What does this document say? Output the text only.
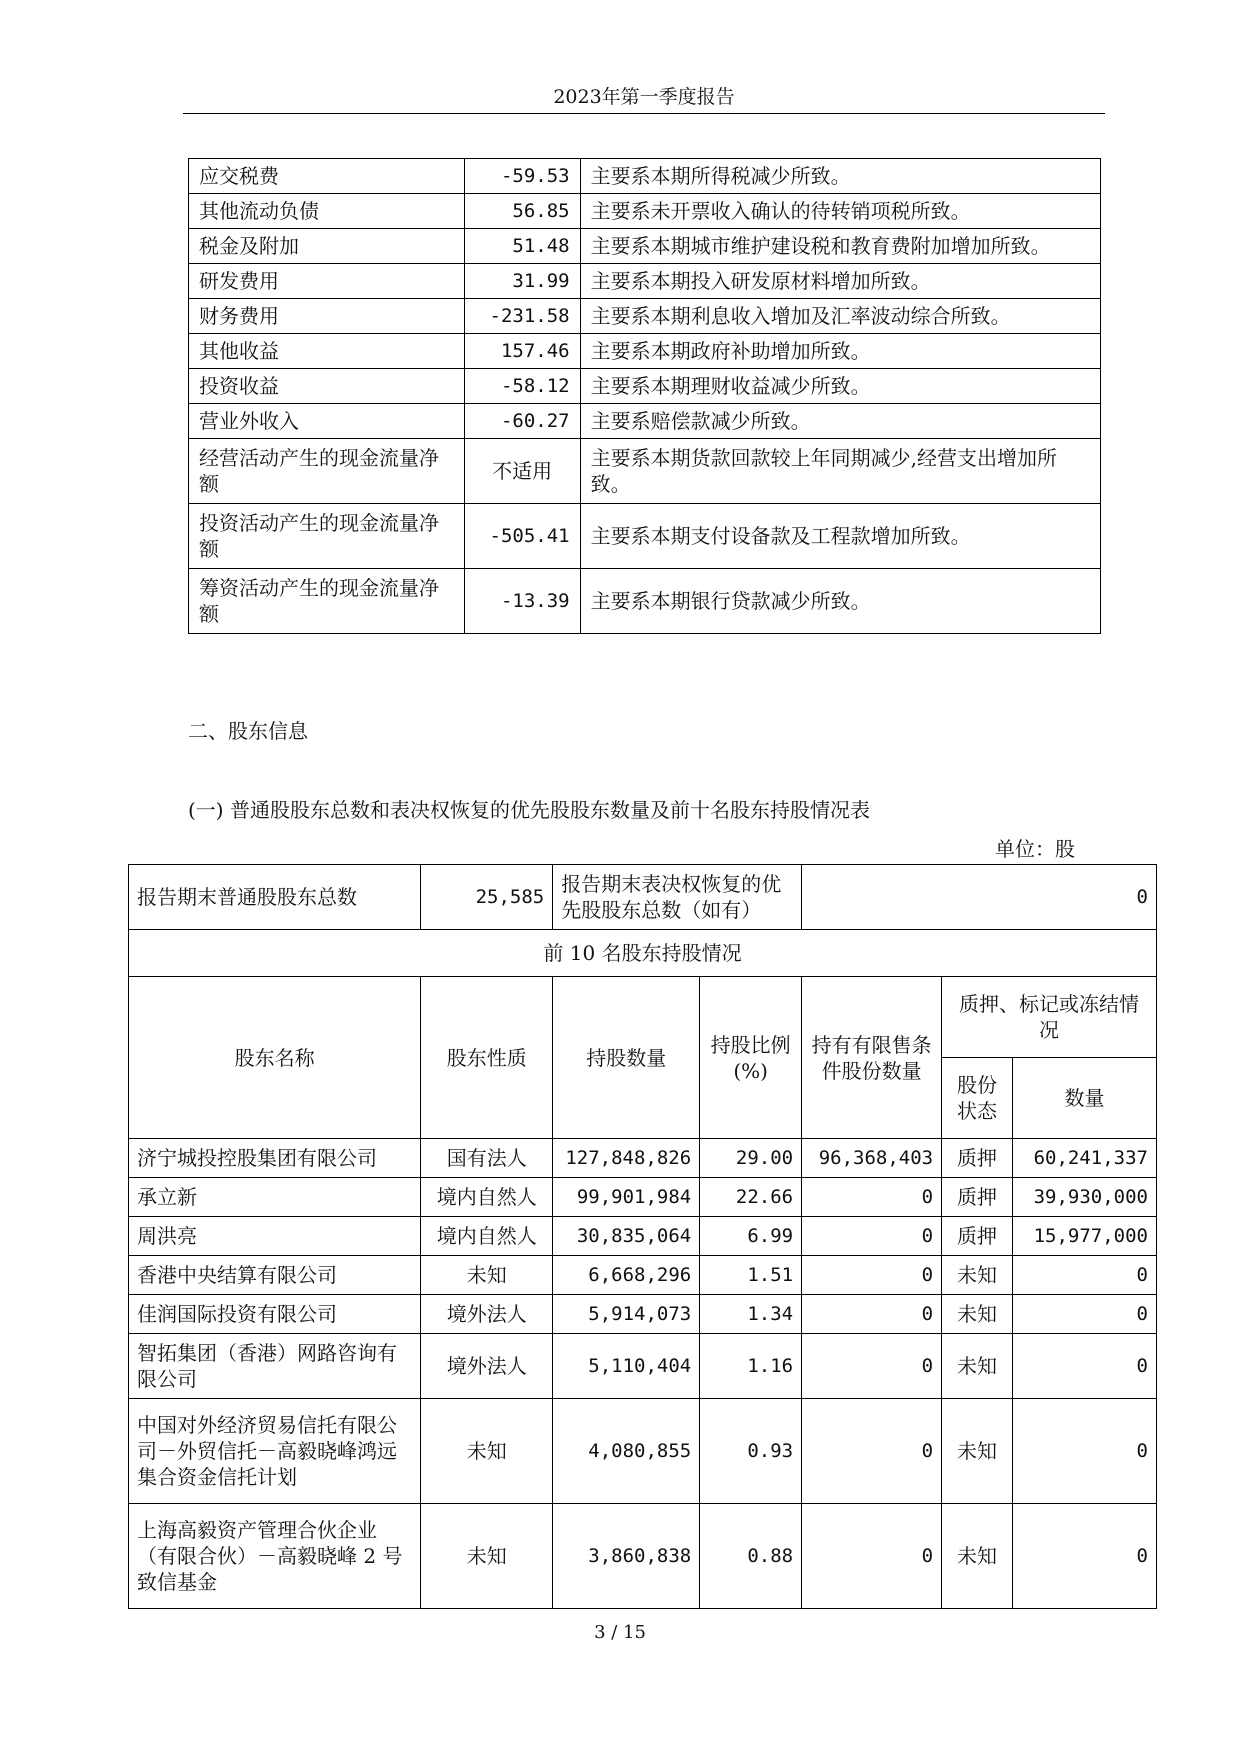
2023年第一季度报告
应交税费	-59.53	主要系本期所得税减少所致。
其他流动负债	56.85	主要系未开票收入确认的待转销项税所致。
税金及附加	51.48	主要系本期城市维护建设税和教育费附加增加所致。
研发费用	31.99	主要系本期投入研发原材料增加所致。
财务费用	-231.58	主要系本期利息收入增加及汇率波动综合所致。
其他收益	157.46	主要系本期政府补助增加所致。
投资收益	-58.12	主要系本期理财收益减少所致。
营业外收入	-60.27	主要系赔偿款减少所致。
经营活动产生的现金流量净额	不适用	主要系本期货款回款较上年同期减少,经营支出增加所致。
投资活动产生的现金流量净额	-505.41	主要系本期支付设备款及工程款增加所致。
筹资活动产生的现金流量净额	-13.39	主要系本期银行贷款减少所致。
二、股东信息
(一) 普通股股东总数和表决权恢复的优先股股东数量及前十名股东持股情况表
单位：股
报告期末普通股股东总数	25,585	报告期末表决权恢复的优先股股东总数（如有）		0		
前 10 名股东持股情况						
股东名称	股东性质	持股数量	持股比例(%)	持有有限售条件股份数量	质押、标记或冻结情况	
					股份状态	数量
济宁城投控股集团有限公司	国有法人	127,848,826	29.00	96,368,403	质押	60,241,337
承立新	境内自然人	99,901,984	22.66	0	质押	39,930,000
周洪亮	境内自然人	30,835,064	6.99	0	质押	15,977,000
香港中央结算有限公司	未知	6,668,296	1.51	0	未知	0
佳润国际投资有限公司	境外法人	5,914,073	1.34	0	未知	0
智拓集团（香港）网路咨询有限公司	境外法人	5,110,404	1.16	0	未知	0
中国对外经济贸易信托有限公司－外贸信托－高毅晓峰鸿远集合资金信托计划	未知	4,080,855	0.93	0	未知	0
上海高毅资产管理合伙企业（有限合伙）－高毅晓峰 2 号致信基金	未知	3,860,838	0.88	0	未知	0
3 / 15
